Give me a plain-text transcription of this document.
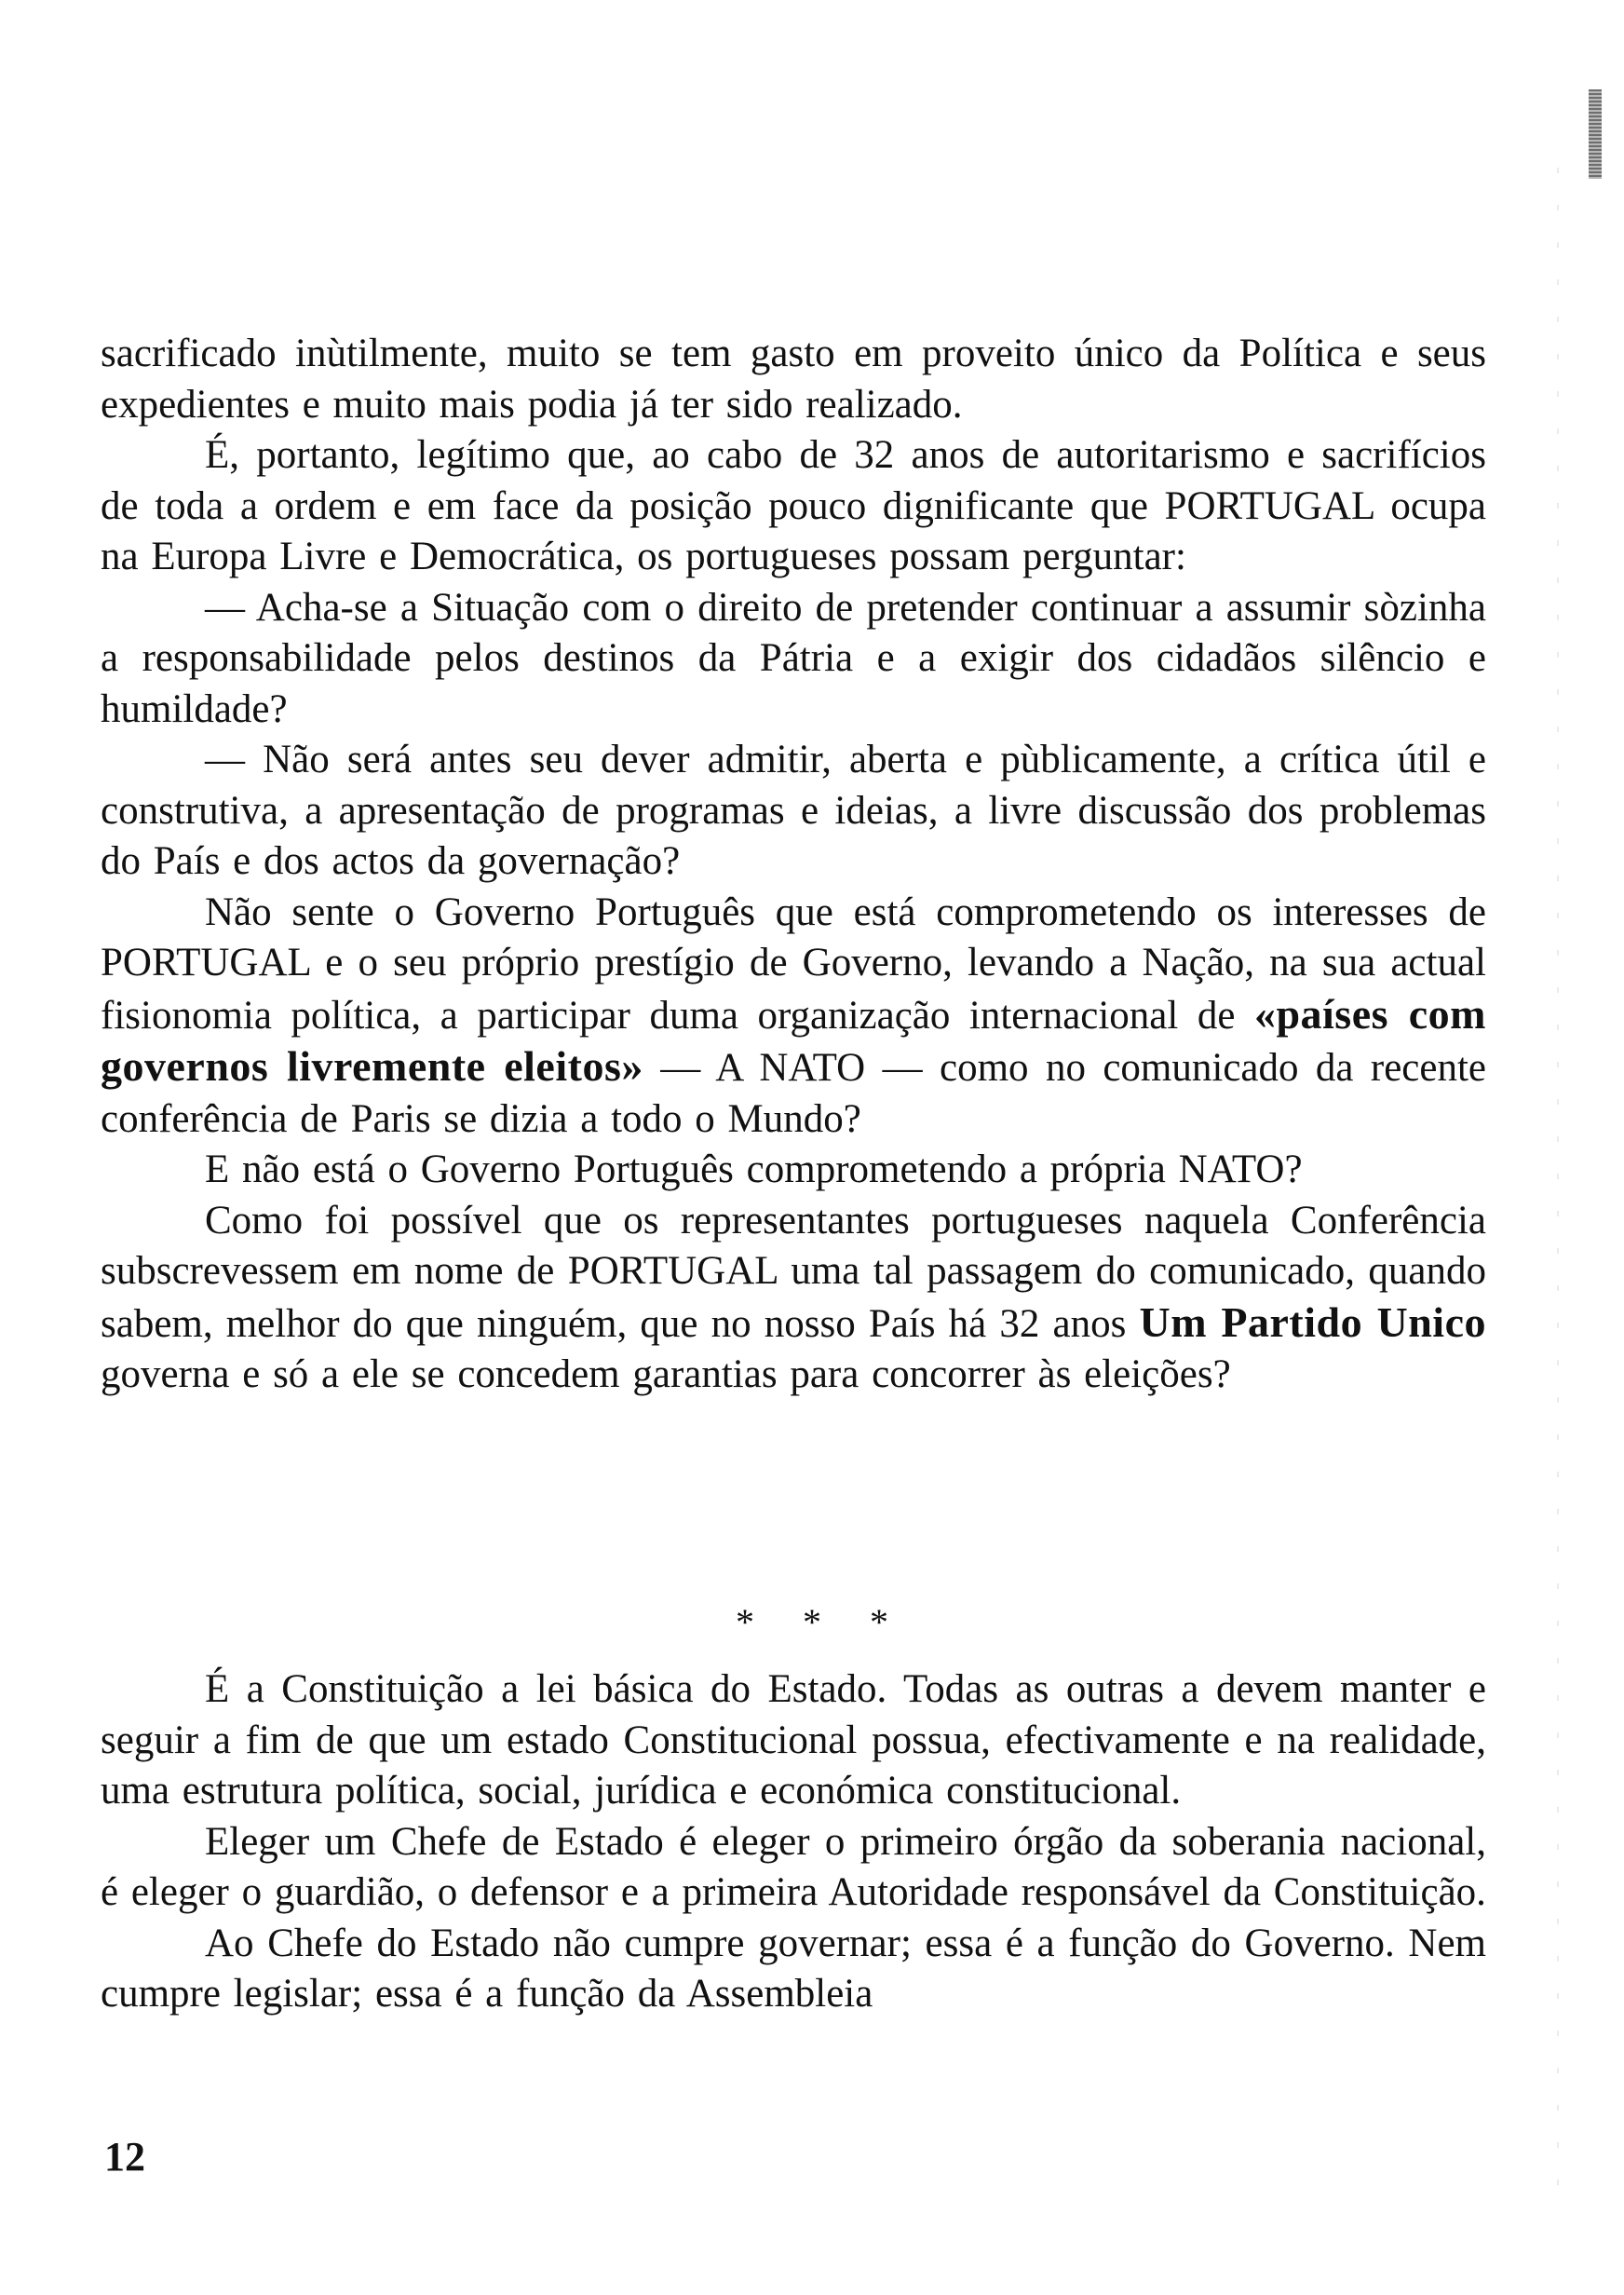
sacrificado inùtilmente, muito se tem gasto em proveito único da Política e seus expedientes e muito mais podia já ter sido realizado.

É, portanto, legítimo que, ao cabo de 32 anos de autoritarismo e sacrifícios de toda a ordem e em face da posição pouco dignificante que PORTUGAL ocupa na Europa Livre e Democrática, os portugueses possam perguntar:

— Acha-se a Situação com o direito de pretender continuar a assumir sòzinha a responsabilidade pelos destinos da Pátria e a exigir dos cidadãos silêncio e humildade?

— Não será antes seu dever admitir, aberta e pùblicamente, a crítica útil e construtiva, a apresentação de programas e ideias, a livre discussão dos problemas do País e dos actos da governação?

Não sente o Governo Português que está comprometendo os interesses de PORTUGAL e o seu próprio prestígio de Governo, levando a Nação, na sua actual fisionomia política, a participar duma organização internacional de «países com governos livremente eleitos» — A NATO — como no comunicado da recente conferência de Paris se dizia a todo o Mundo?

E não está o Governo Português comprometendo a própria NATO?

Como foi possível que os representantes portugueses naquela Conferência subscrevessem em nome de PORTUGAL uma tal passagem do comunicado, quando sabem, melhor do que ninguém, que no nosso País há 32 anos Um Partido Unico governa e só a ele se concedem garantias para concorrer às eleições?

* * *

É a Constituição a lei básica do Estado. Todas as outras a devem manter e seguir a fim de que um estado Constitucional possua, efectivamente e na realidade, uma estrutura política, social, jurídica e económica constitucional.

Eleger um Chefe de Estado é eleger o primeiro órgão da soberania nacional, é eleger o guardião, o defensor e a primeira Autoridade responsável da Constituição.

Ao Chefe do Estado não cumpre governar; essa é a função do Governo. Nem cumpre legislar; essa é a função da Assembleia

12
